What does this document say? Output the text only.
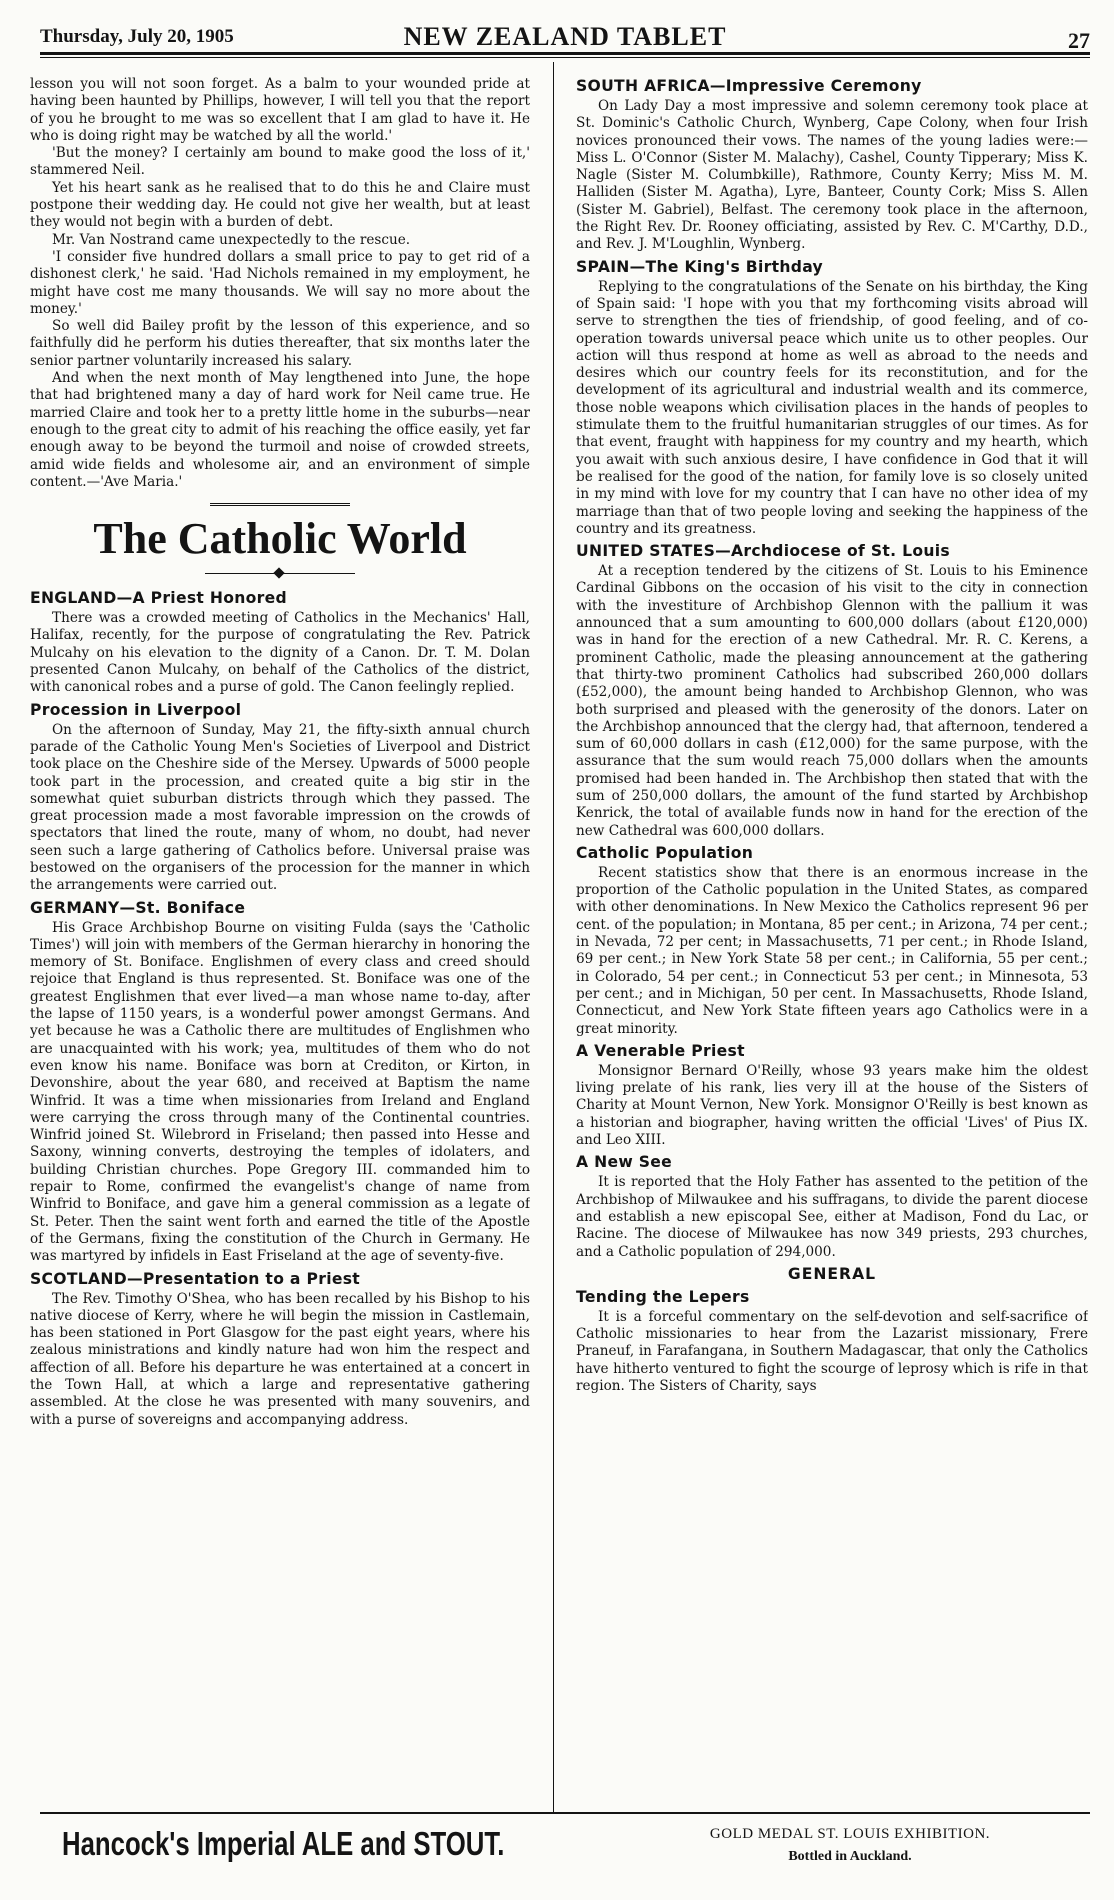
Thursday, July 20, 1905	NEW ZEALAND TABLET	27

lesson you will not soon forget. As a balm to your wounded pride at having been haunted by Phillips, however, I will tell you that the report of you he brought to me was so excellent that I am glad to have it. He who is doing right may be watched by all the world.'

'But the money? I certainly am bound to make good the loss of it,' stammered Neil.

Yet his heart sank as he realised that to do this he and Claire must postpone their wedding day. He could not give her wealth, but at least they would not begin with a burden of debt.

Mr. Van Nostrand came unexpectedly to the rescue.

'I consider five hundred dollars a small price to pay to get rid of a dishonest clerk,' he said. 'Had Nichols remained in my employment, he might have cost me many thousands. We will say no more about the money.'

So well did Bailey profit by the lesson of this experience, and so faithfully did he perform his duties thereafter, that six months later the senior partner voluntarily increased his salary.

And when the next month of May lengthened into June, the hope that had brightened many a day of hard work for Neil came true. He married Claire and took her to a pretty little home in the suburbs—near enough to the great city to admit of his reaching the office easily, yet far enough away to be beyond the turmoil and noise of crowded streets, amid wide fields and wholesome air, and an environment of simple content.—'Ave Maria.'

The Catholic World
ENGLAND—A Priest Honored

There was a crowded meeting of Catholics in the Mechanics' Hall, Halifax, recently, for the purpose of congratulating the Rev. Patrick Mulcahy on his elevation to the dignity of a Canon. Dr. T. M. Dolan presented Canon Mulcahy, on behalf of the Catholics of the district, with canonical robes and a purse of gold. The Canon feelingly replied.

Procession in Liverpool

On the afternoon of Sunday, May 21, the fifty-sixth annual church parade of the Catholic Young Men's Societies of Liverpool and District took place on the Cheshire side of the Mersey. Upwards of 5000 people took part in the procession, and created quite a big stir in the somewhat quiet suburban districts through which they passed. The great procession made a most favorable impression on the crowds of spectators that lined the route, many of whom, no doubt, had never seen such a large gathering of Catholics before. Universal praise was bestowed on the organisers of the procession for the manner in which the arrangements were carried out.

GERMANY—St. Boniface

His Grace Archbishop Bourne on visiting Fulda (says the 'Catholic Times') will join with members of the German hierarchy in honoring the memory of St. Boniface. Englishmen of every class and creed should rejoice that England is thus represented. St. Boniface was one of the greatest Englishmen that ever lived—a man whose name to-day, after the lapse of 1150 years, is a wonderful power amongst Germans. And yet because he was a Catholic there are multitudes of Englishmen who are unacquainted with his work; yea, multitudes of them who do not even know his name. Boniface was born at Crediton, or Kirton, in Devonshire, about the year 680, and received at Baptism the name Winfrid. It was a time when missionaries from Ireland and England were carrying the cross through many of the Continental countries. Winfrid joined St. Wilebrord in Friseland; then passed into Hesse and Saxony, winning converts, destroying the temples of idolaters, and building Christian churches. Pope Gregory III. commanded him to repair to Rome, confirmed the evangelist's change of name from Winfrid to Boniface, and gave him a general commission as a legate of St. Peter. Then the saint went forth and earned the title of the Apostle of the Germans, fixing the constitution of the Church in Germany. He was martyred by infidels in East Friseland at the age of seventy-five.

SCOTLAND—Presentation to a Priest

The Rev. Timothy O'Shea, who has been recalled by his Bishop to his native diocese of Kerry, where he will begin the mission in Castlemain, has been stationed in Port Glasgow for the past eight years, where his zealous ministrations and kindly nature had won him the respect and affection of all. Before his departure he was entertained at a concert in the Town Hall, at which a large and representative gathering assembled. At the close he was presented with many souvenirs, and with a purse of sovereigns and accompanying address.

SOUTH AFRICA—Impressive Ceremony

On Lady Day a most impressive and solemn ceremony took place at St. Dominic's Catholic Church, Wynberg, Cape Colony, when four Irish novices pronounced their vows. The names of the young ladies were:—Miss L. O'Connor (Sister M. Malachy), Cashel, County Tipperary; Miss K. Nagle (Sister M. Columbkille), Rathmore, County Kerry; Miss M. M. Halliden (Sister M. Agatha), Lyre, Banteer, County Cork; Miss S. Allen (Sister M. Gabriel), Belfast. The ceremony took place in the afternoon, the Right Rev. Dr. Rooney officiating, assisted by Rev. C. M'Carthy, D.D., and Rev. J. M'Loughlin, Wynberg.

SPAIN—The King's Birthday

Replying to the congratulations of the Senate on his birthday, the King of Spain said: 'I hope with you that my forthcoming visits abroad will serve to strengthen the ties of friendship, of good feeling, and of co-operation towards universal peace which unite us to other peoples. Our action will thus respond at home as well as abroad to the needs and desires which our country feels for its reconstitution, and for the development of its agricultural and industrial wealth and its commerce, those noble weapons which civilisation places in the hands of peoples to stimulate them to the fruitful humanitarian struggles of our times. As for that event, fraught with happiness for my country and my hearth, which you await with such anxious desire, I have confidence in God that it will be realised for the good of the nation, for family love is so closely united in my mind with love for my country that I can have no other idea of my marriage than that of two people loving and seeking the happiness of the country and its greatness.

UNITED STATES—Archdiocese of St. Louis

At a reception tendered by the citizens of St. Louis to his Eminence Cardinal Gibbons on the occasion of his visit to the city in connection with the investiture of Archbishop Glennon with the pallium it was announced that a sum amounting to 600,000 dollars (about £120,000) was in hand for the erection of a new Cathedral. Mr. R. C. Kerens, a prominent Catholic, made the pleasing announcement at the gathering that thirty-two prominent Catholics had subscribed 260,000 dollars (£52,000), the amount being handed to Archbishop Glennon, who was both surprised and pleased with the generosity of the donors. Later on the Archbishop announced that the clergy had, that afternoon, tendered a sum of 60,000 dollars in cash (£12,000) for the same purpose, with the assurance that the sum would reach 75,000 dollars when the amounts promised had been handed in. The Archbishop then stated that with the sum of 250,000 dollars, the amount of the fund started by Archbishop Kenrick, the total of available funds now in hand for the erection of the new Cathedral was 600,000 dollars.

Catholic Population

Recent statistics show that there is an enormous increase in the proportion of the Catholic population in the United States, as compared with other denominations. In New Mexico the Catholics represent 96 per cent. of the population; in Montana, 85 per cent.; in Arizona, 74 per cent.; in Nevada, 72 per cent; in Massachusetts, 71 per cent.; in Rhode Island, 69 per cent.; in New York State 58 per cent.; in California, 55 per cent.; in Colorado, 54 per cent.; in Connecticut 53 per cent.; in Minnesota, 53 per cent.; and in Michigan, 50 per cent. In Massachusetts, Rhode Island, Connecticut, and New York State fifteen years ago Catholics were in a great minority.

A Venerable Priest

Monsignor Bernard O'Reilly, whose 93 years make him the oldest living prelate of his rank, lies very ill at the house of the Sisters of Charity at Mount Vernon, New York. Monsignor O'Reilly is best known as a historian and biographer, having written the official 'Lives' of Pius IX. and Leo XIII.

A New See

It is reported that the Holy Father has assented to the petition of the Archbishop of Milwaukee and his suffragans, to divide the parent diocese and establish a new episcopal See, either at Madison, Fond du Lac, or Racine. The diocese of Milwaukee has now 349 priests, 293 churches, and a Catholic population of 294,000.

GENERAL
Tending the Lepers

It is a forceful commentary on the self-devotion and self-sacrifice of Catholic missionaries to hear from the Lazarist missionary, Frere Praneuf, in Farafangana, in Southern Madagascar, that only the Catholics have hitherto ventured to fight the scourge of leprosy which is rife in that region. The Sisters of Charity, says

Hancock's Imperial ALE and STOUT.	GOLD MEDAL ST. LOUIS EXHIBITION.
Bottled in Auckland.
